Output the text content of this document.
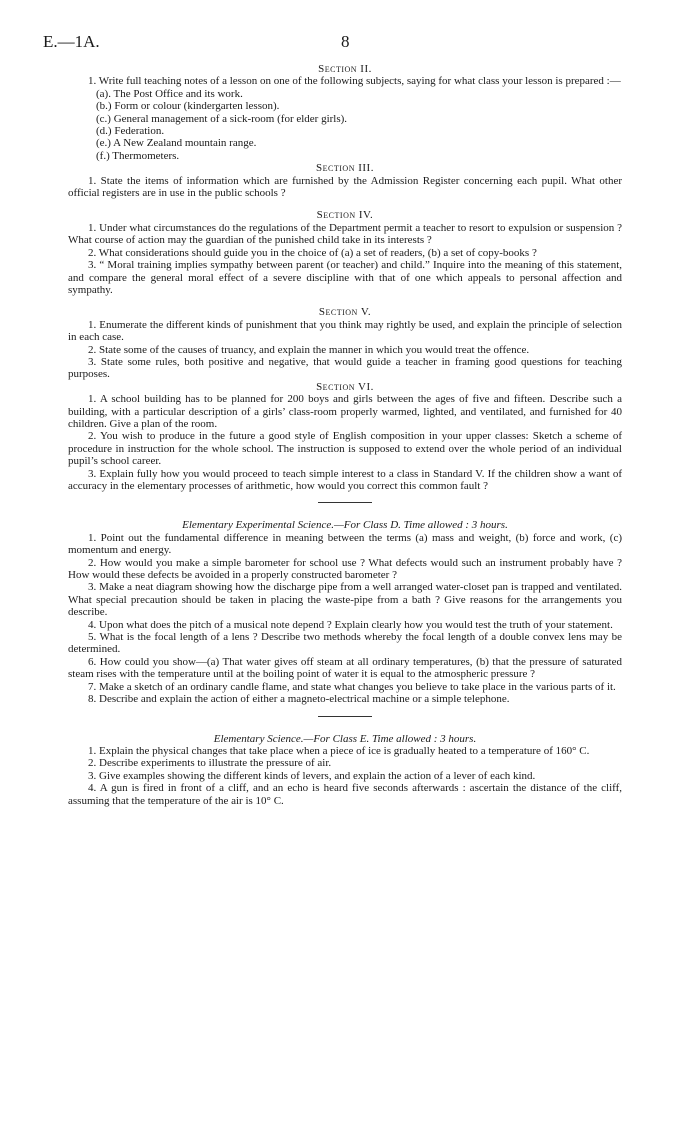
E.—1A.	8
Section II.
1. Write full teaching notes of a lesson on one of the following subjects, saying for what class your lesson is prepared :—
(a). The Post Office and its work.
(b.) Form or colour (kindergarten lesson).
(c.) General management of a sick-room (for elder girls).
(d.) Federation.
(e.) A New Zealand mountain range.
(f.) Thermometers.
Section III.
1. State the items of information which are furnished by the Admission Register concerning each pupil. What other official registers are in use in the public schools ?
Section IV.
1. Under what circumstances do the regulations of the Department permit a teacher to resort to expulsion or suspension ? What course of action may the guardian of the punished child take in its interests ?
2. What considerations should guide you in the choice of (a) a set of readers, (b) a set of copy-books ?
3. “ Moral training implies sympathy between parent (or teacher) and child.” Inquire into the meaning of this statement, and compare the general moral effect of a severe discipline with that of one which appeals to personal affection and sympathy.
Section V.
1. Enumerate the different kinds of punishment that you think may rightly be used, and explain the principle of selection in each case.
2. State some of the causes of truancy, and explain the manner in which you would treat the offence.
3. State some rules, both positive and negative, that would guide a teacher in framing good questions for teaching purposes.
Section VI.
1. A school building has to be planned for 200 boys and girls between the ages of five and fifteen. Describe such a building, with a particular description of a girls’ class-room properly warmed, lighted, and ventilated, and furnished for 40 children. Give a plan of the room.
2. You wish to produce in the future a good style of English composition in your upper classes: Sketch a scheme of procedure in instruction for the whole school. The instruction is supposed to extend over the whole period of an individual pupil’s school career.
3. Explain fully how you would proceed to teach simple interest to a class in Standard V. If the children show a want of accuracy in the elementary processes of arithmetic, how would you correct this common fault ?
Elementary Experimental Science.—For Class D. Time allowed : 3 hours.
1. Point out the fundamental difference in meaning between the terms (a) mass and weight, (b) force and work, (c) momentum and energy.
2. How would you make a simple barometer for school use ? What defects would such an instrument probably have ? How would these defects be avoided in a properly constructed barometer ?
3. Make a neat diagram showing how the discharge pipe from a well arranged water-closet pan is trapped and ventilated. What special precaution should be taken in placing the waste-pipe from a bath ? Give reasons for the arrangements you describe.
4. Upon what does the pitch of a musical note depend ? Explain clearly how you would test the truth of your statement.
5. What is the focal length of a lens ? Describe two methods whereby the focal length of a double convex lens may be determined.
6. How could you show—(a) That water gives off steam at all ordinary temperatures, (b) that the pressure of saturated steam rises with the temperature until at the boiling point of water it is equal to the atmospheric pressure ?
7. Make a sketch of an ordinary candle flame, and state what changes you believe to take place in the various parts of it.
8. Describe and explain the action of either a magneto-electrical machine or a simple telephone.
Elementary Science.—For Class E. Time allowed : 3 hours.
1. Explain the physical changes that take place when a piece of ice is gradually heated to a temperature of 160° C.
2. Describe experiments to illustrate the pressure of air.
3. Give examples showing the different kinds of levers, and explain the action of a lever of each kind.
4. A gun is fired in front of a cliff, and an echo is heard five seconds afterwards : ascertain the distance of the cliff, assuming that the temperature of the air is 10° C.
